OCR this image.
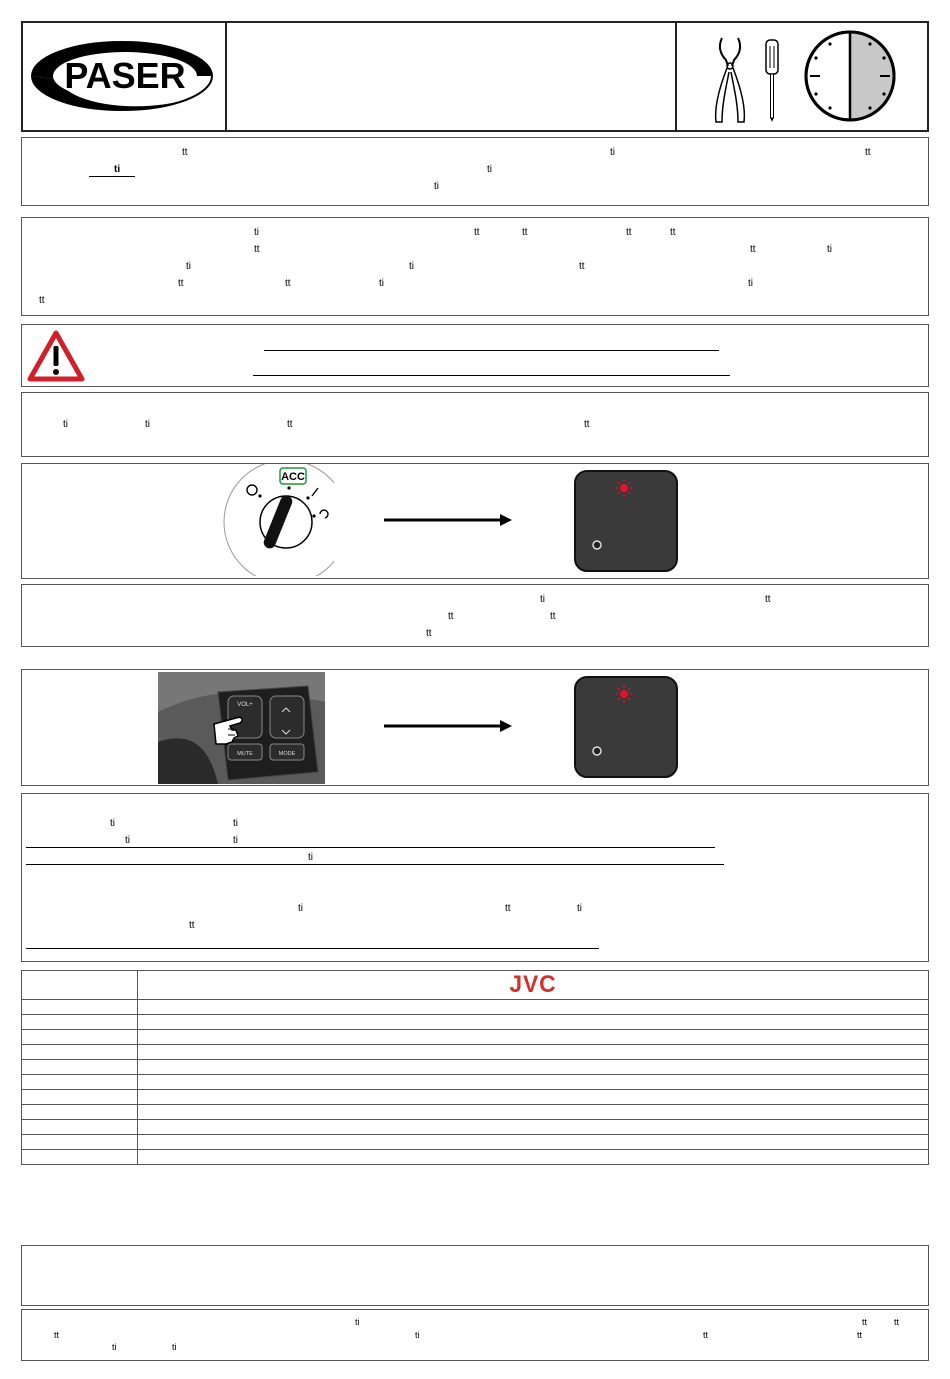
PASER
tt	ti	tt
ti	ti
ti
ti	tt	tt	tt	tt
tt	tt	ti
ti	ti	tt
tt	tt	ti	ti
tt
ti	ti	tt	tt
ACC
ti	tt
tt	tt
tt
VOL+
MUTE	MODE
ti	ti
ti	ti
ti
ti	tt	ti
tt

	JVC

ti	tt	tt
tt	ti	tt	tt
ti	ti
